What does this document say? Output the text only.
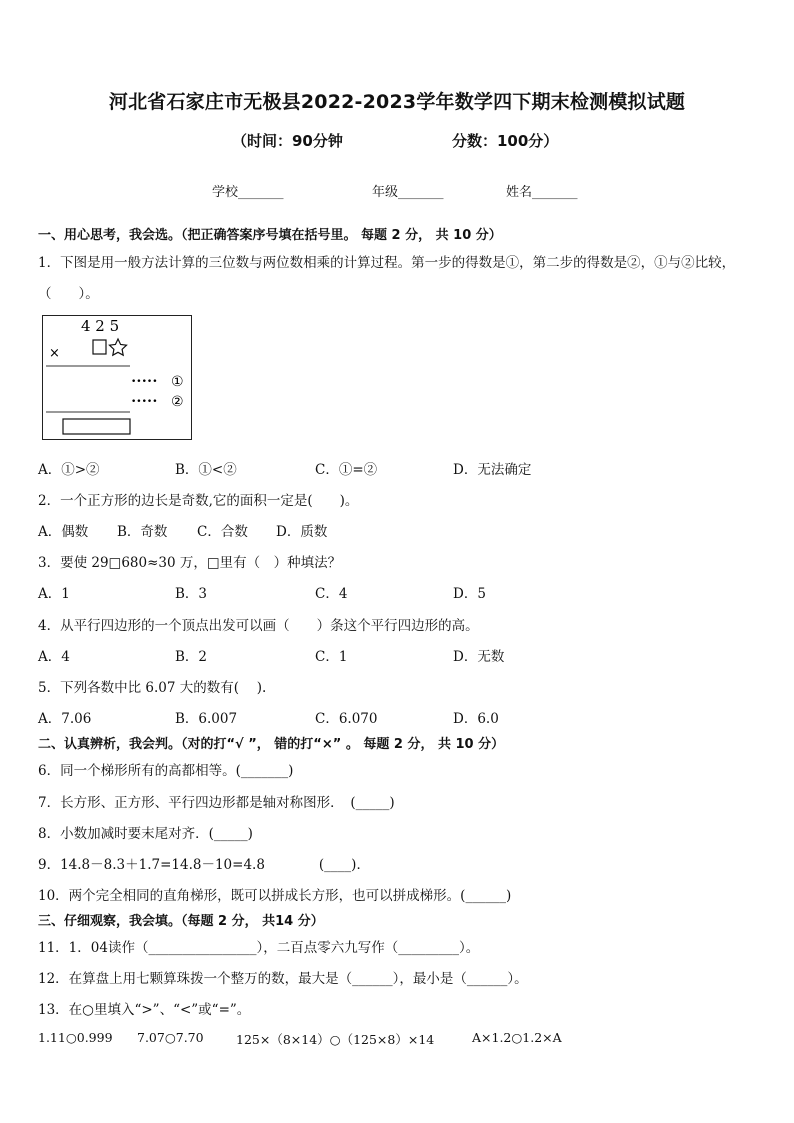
河北省石家庄市无极县2022-2023学年数学四下期末检测模拟试题
（时间：90分钟	分数：100分）
学校_______	年级_______	姓名_______
一、用心思考，我会选。（把正确答案序号填在括号里。 每题 2 分， 共 10 分）
1．下图是用一般方法计算的三位数与两位数相乘的计算过程。第一步的得数是①，第二步的得数是②，①与②比较，
（　　）。
4 2 5
×
••••• ①
••••• ②
A．①>②	B．①<②	C．①=②	D．无法确定
2．一个正方形的边长是奇数,它的面积一定是(　　)。
A．偶数 B．奇数 C．合数 D．质数
3．要使 29□680≈30 万，□里有（　）种填法？
A．1	B．3	C．4	D．5
4．从平行四边形的一个顶点出发可以画（　　）条这个平行四边形的高。
A．4	B．2	C．1	D．无数
5．下列各数中比 6.07 大的数有(　 ).
A．7.06	B．6.007	C．6.070	D．6.0
二、认真辨析，我会判。（对的打“√ ”， 错的打“×” 。 每题 2 分， 共 10 分）
6．同一个梯形所有的高都相等。(_______)
7．长方形、正方形、平行四边形都是轴对称图形．　(_____)
8．小数加减时要末尾对齐．(_____)
9．14.8－8.3＋1.7=14.8－10=4.8　　　　(____)．
10．两个完全相同的直角梯形，既可以拼成长方形，也可以拼成梯形。(______)
三、仔细观察，我会填。（每题 2 分， 共14 分）
11．1．04读作（________________），二百点零六九写作（_________）。
12．在算盘上用七颗算珠拨一个整万的数，最大是（______），最小是（______）。
13．在○里填入“>”、“<”或“=”。
1.11○0.999 7.07○7.70	125×（8×14）○（125×8）×14	A×1.2○1.2×A
